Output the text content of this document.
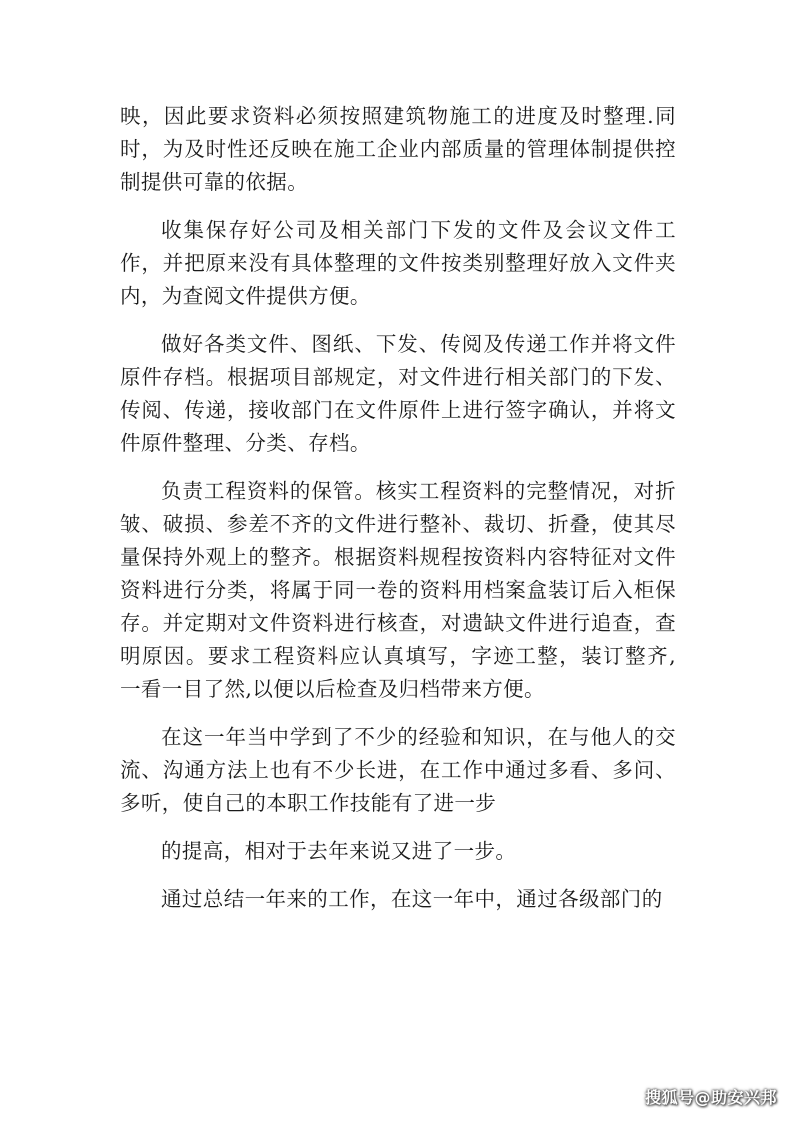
映，因此要求资料必须按照建筑物施工的进度及时整理.同
时，为及时性还反映在施工企业内部质量的管理体制提供控
制提供可靠的依据。
收集保存好公司及相关部门下发的文件及会议文件工
作，并把原来没有具体整理的文件按类别整理好放入文件夹
内，为查阅文件提供方便。
做好各类文件、图纸、下发、传阅及传递工作并将文件
原件存档。根据项目部规定，对文件进行相关部门的下发、
传阅、传递，接收部门在文件原件上进行签字确认，并将文
件原件整理、分类、存档。
负责工程资料的保管。核实工程资料的完整情况，对折
皱、破损、参差不齐的文件进行整补、裁切、折叠，使其尽
量保持外观上的整齐。根据资料规程按资料内容特征对文件
资料进行分类，将属于同一卷的资料用档案盒装订后入柜保
存。并定期对文件资料进行核查，对遗缺文件进行追查，查
明原因。要求工程资料应认真填写，字迹工整，装订整齐,
一看一目了然,以便以后检查及归档带来方便。
在这一年当中学到了不少的经验和知识，在与他人的交
流、沟通方法上也有不少长进，在工作中通过多看、多问、
多听，使自己的本职工作技能有了进一步
的提高，相对于去年来说又进了一步。
通过总结一年来的工作，在这一年中，通过各级部门的
搜狐号@助安兴邦
